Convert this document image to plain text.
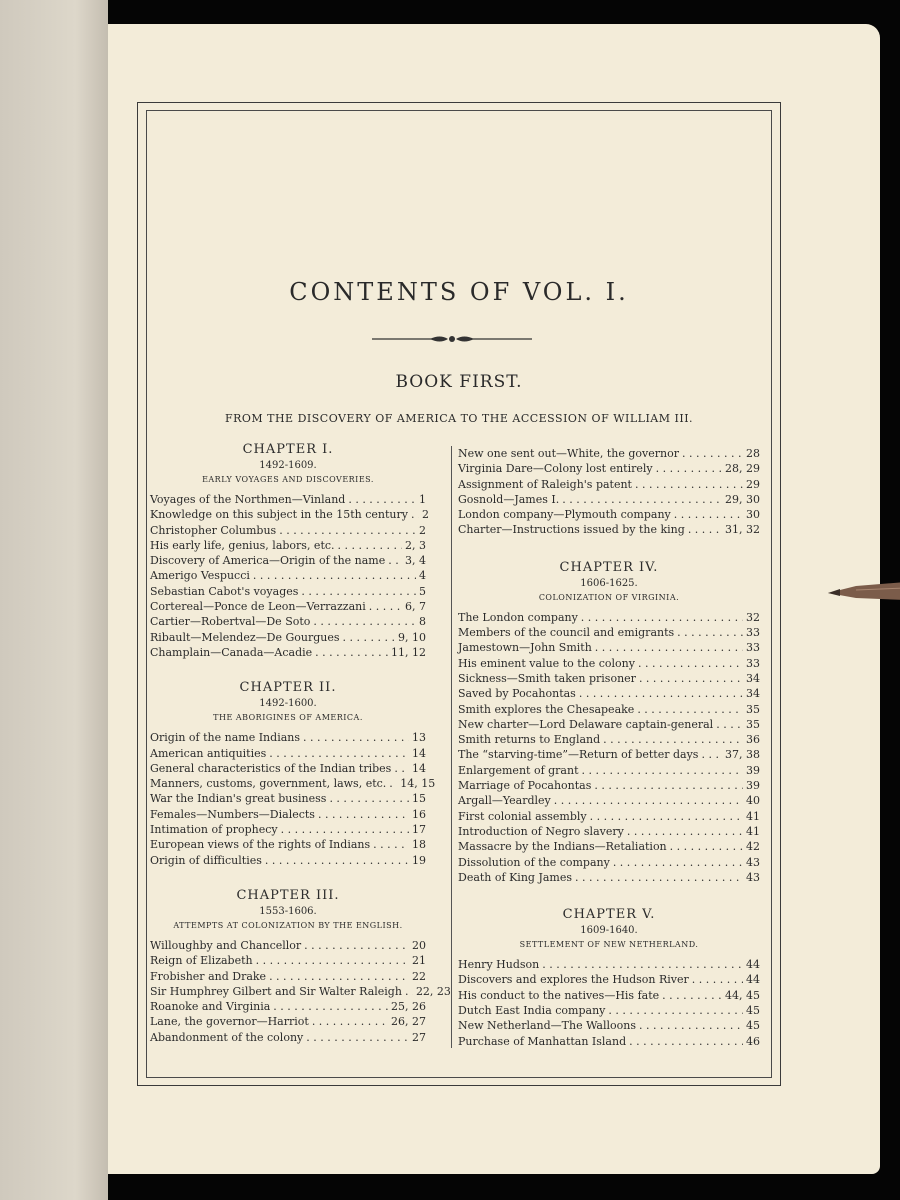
CONTENTS OF VOL. I.
BOOK FIRST.
FROM THE DISCOVERY OF AMERICA TO THE ACCESSION OF WILLIAM III.
CHAPTER I.
1492-1609.
EARLY VOYAGES AND DISCOVERIES.
Voyages of the Northmen—Vinland . . .	1
Knowledge on this subject in the 15th century . . . 2
Christopher Columbus . . .	2
His early life, genius, labors, etc. . . .	2, 3
Discovery of America—Origin of the name . . . 3, 4
Amerigo Vespucci . . .	4
Sebastian Cabot's voyages . . .	5
Cortereal—Ponce de Leon—Verrazzani . . .	6, 7
Cartier—Robertval—De Soto . . .	8
Ribault—Melendez—De Gourgues . . .	9, 10
Champlain—Canada—Acadie . . .	11, 12
CHAPTER II.
1492-1600.
THE ABORIGINES OF AMERICA.
Origin of the name Indians . . .	13
American antiquities . . .	14
General characteristics of the Indian tribes . . . 14
Manners, customs, government, laws, etc. . . . 14, 15
War the Indian's great business . . .	15
Females—Numbers—Dialects . . .	16
Intimation of prophecy . . .	17
European views of the rights of Indians . . .	18
Origin of difficulties . . .	19
CHAPTER III.
1553-1606.
ATTEMPTS AT COLONIZATION BY THE ENGLISH.
Willoughby and Chancellor . . .	20
Reign of Elizabeth . . .	21
Frobisher and Drake . . .	22
Sir Humphrey Gilbert and Sir Walter Raleigh . . . 22, 23
Roanoke and Virginia . . .	25, 26
Lane, the governor—Harriot . . .	26, 27
Abandonment of the colony . . .	27
New one sent out—White, the governor . . .	28
Virginia Dare—Colony lost entirely . . .	28, 29
Assignment of Raleigh's patent . . .	29
Gosnold—James I. . . .	29, 30
London company—Plymouth company . . .	30
Charter—Instructions issued by the king . . .	31, 32
CHAPTER IV.
1606-1625.
COLONIZATION OF VIRGINIA.
The London company . . .	32
Members of the council and emigrants . . .	33
Jamestown—John Smith . . .	33
His eminent value to the colony . . .	33
Sickness—Smith taken prisoner . . .	34
Saved by Pocahontas . . .	34
Smith explores the Chesapeake . . .	35
New charter—Lord Delaware captain-general . . .	35
Smith returns to England . . .	36
The “starving-time”—Return of better days . . . 37, 38
Enlargement of grant . . .	39
Marriage of Pocahontas . . .	39
Argall—Yeardley . . .	40
First colonial assembly . . .	41
Introduction of Negro slavery . . .	41
Massacre by the Indians—Retaliation . . .	42
Dissolution of the company . . .	43
Death of King James . . .	43
CHAPTER V.
1609-1640.
SETTLEMENT OF NEW NETHERLAND.
Henry Hudson . . .	44
Discovers and explores the Hudson River . . .	44
His conduct to the natives—His fate . . .	44, 45
Dutch East India company . . .	45
New Netherland—The Walloons . . .	45
Purchase of Manhattan Island . . .	46
